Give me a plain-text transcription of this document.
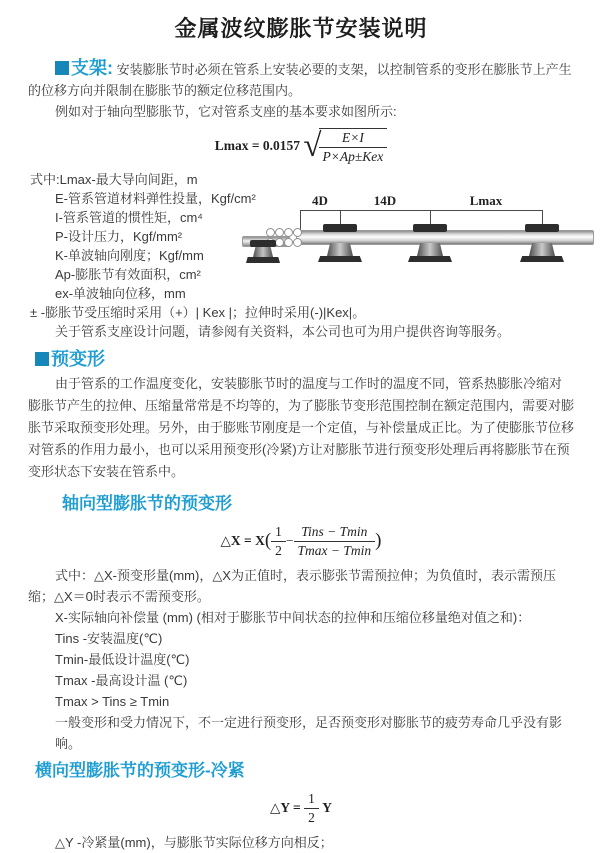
金属波纹膨胀节安装说明

支架: 安装膨胀节时必须在管系上安装必要的支架，以控制管系的变形在膨胀节上产生的位移方向并限制在膨胀节的额定位移范围内。

例如对于轴向型膨胀节，它对管系支座的基本要求如图所示:

Lmax = 0.0157
√
$\frac{E\times I}{\text{P×Ap±Kex}}$
式中:Lmax-最大导向间距，m
E-管系管道材料弹性投量，Kgf/cm²
I-管系管道的惯性矩，cm⁴
P-设计压力，Kgf/mm²
K-单波轴向刚度；Kgf/mm
Ap-膨胀节有效面积，cm²
ex-单波轴向位移，mm
± -膨胀节受压缩时采用（+）| Kex |；拉伸时采用(-)|Kex|。
关于管系支座设计问题，请参阅有关资料，本公司也可为用户提供咨询等服务。
预变形

由于管系的工作温度变化，安装膨胀节时的温度与工作时的温度不同，管系热膨胀冷缩对膨胀节产生的拉伸、压缩量常常是不均等的，为了膨胀节变形范围控制在额定范围内，需要对膨胀节采取预变形处理。另外，由于膨账节刚度是一个定值，与补偿量成正比。为了使膨胀节位移对管系的作用力最小，也可以采用预变形(冷紧)方让对膨胀节进行预变形处理后再将膨胀节在预变形状态下安装在管系中。

轴向型膨胀节的预变形
△X = X ( $\frac{1}{2} - \frac{\text{Tins − Tmin}}{Tmax - Tmin}$ )

式中：△X-预变形量(mm)，△X为正值时，表示膨张节需预拉伸；为负值时，表示需预压缩；△X＝0时表示不需预变形。

X-实际轴向补偿量 (mm) (相对于膨胀节中间状态的拉伸和压缩位移量绝对值之和)：
Tins -安装温度(℃)
Tmin-最低设计温度(℃)
Tmax -最高设计温 (℃)
Tmax > Tins ≥ Tmin
一般变形和受力情况下，不一定进行预变形，足否预变形对膨胀节的疲劳寿命几乎没有影响。
横向型膨胀节的预变形-冷紧
△Y =
$\frac{1}{2}$
Y
△Y -冷紧量(mm)，与膨胀节实际位移方向相反；
4D	14D	Lmax
